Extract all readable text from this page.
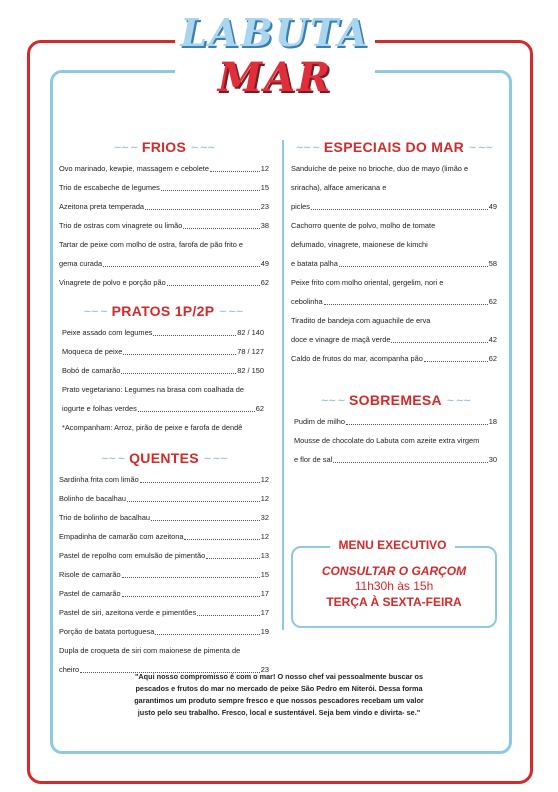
LABUTA
MAR
∼∼ ∼ FRIOS ∼ ∼∼
Ovo marinado, kewpie, massagem e cebolete	12
Trio de escabeche de legumes	15
Azeitona preta temperada	23
Trio de ostras com vinagrete ou limão	38
Tartar de peixe com molho de ostra, farofa de pão frito e
gema curada	49
Vinagrete de polvo e porção pão	62
∼∼ ∼ PRATOS 1P/2P ∼ ∼∼
Peixe assado com legumes	82 / 140
Moqueca de peixe	78 / 127
Bobó de camarão	82 / 150
Prato vegetariano: Legumes na brasa com coalhada de
iogurte e folhas verdes	62
*Acompanham: Arroz, pirão de peixe e farofa de dendê
∼∼ ∼ QUENTES ∼ ∼∼
Sardinha frita com limão	12
Bolinho de bacalhau	12
Trio de bolinho de bacalhau	32
Empadinha de camarão com azeitona	12
Pastel de repolho com emulsão de pimentão	13
Risole de camarão	15
Pastel de camarão	17
Pastel de siri, azeitona verde e pimentões	17
Porção de batata portuguesa	19
Dupla de croqueta de siri com maionese de pimenta de
cheiro	23
∼∼ ∼ ESPECIAIS DO MAR ∼ ∼∼
Sanduíche de peixe no brioche, duo de mayo (limão e
sriracha), alface americana e
picles	49
Cachorro quente de polvo, molho de tomate
defumado, vinagrete, maionese de kimchi
e batata palha	58
Peixe frito com molho oriental, gergelim, nori e
cebolinha	62
Tiradito de bandeja com aguachile de erva
doce e vinagre de maçã verde	42
Caldo de frutos do mar, acompanha pão	62
∼∼ ∼ SOBREMESA ∼ ∼∼
Pudim de milho	18
Mousse de chocolate do Labuta com azeite extra virgem
e flor de sal	30
MENU EXECUTIVO
CONSULTAR O GARÇOM
11h30h às 15h
TERÇA À SEXTA-FEIRA
"Aqui nosso compromisso é com o mar! O nosso chef vai pessoalmente buscar os
pescados e frutos do mar no mercado de peixe São Pedro em Niterói. Dessa forma
garantimos um produto sempre fresco e que nossos pescadores recebam um valor
justo pelo seu trabalho. Fresco, local e sustentável. Seja bem vindo e divirta- se."
